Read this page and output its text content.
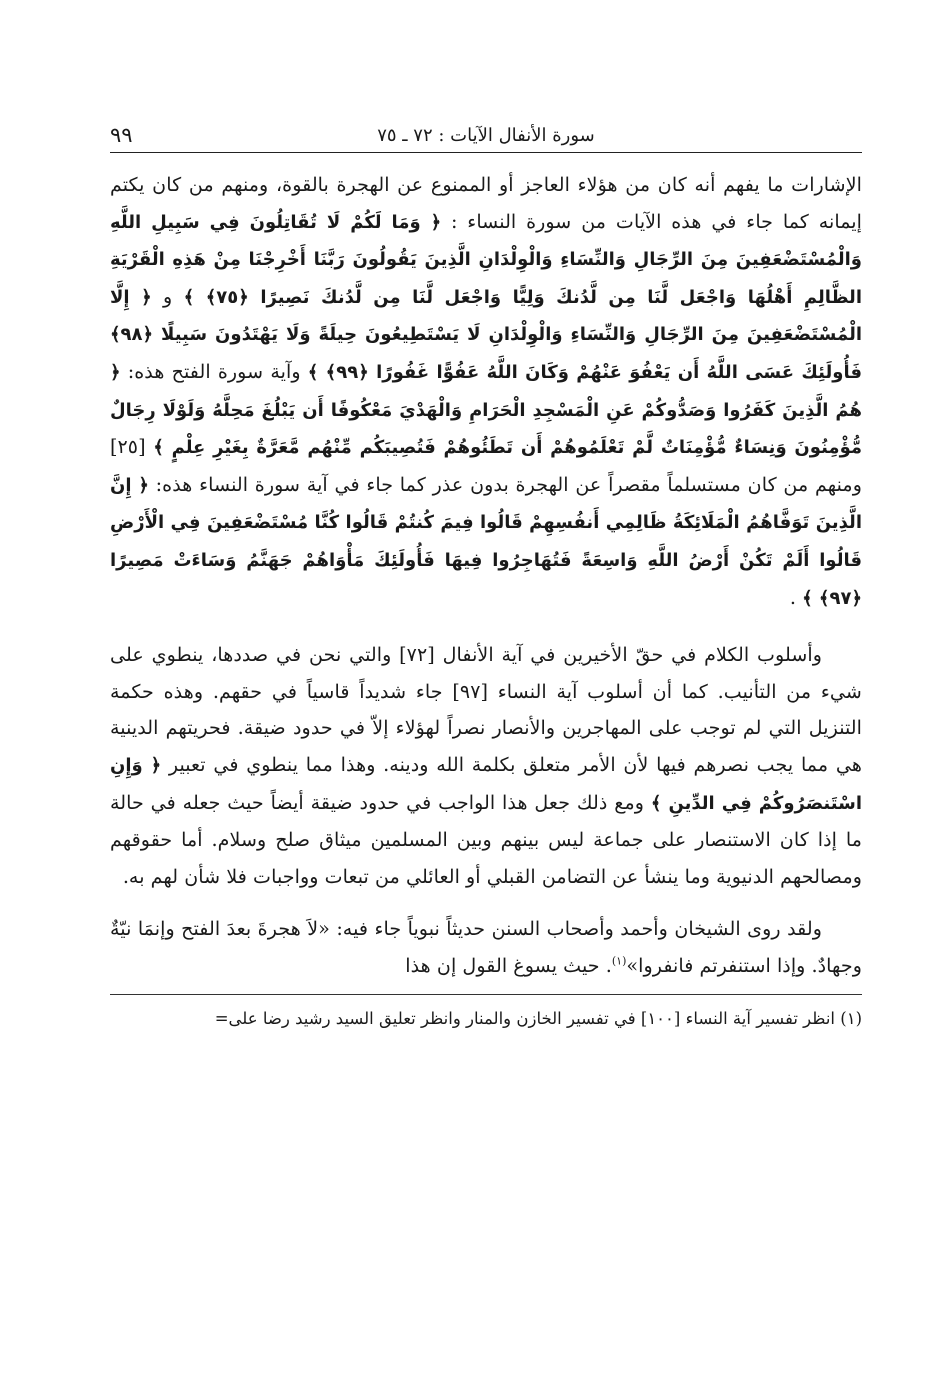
سورة الأنفال الآيات : ٧٢ ـ ٧٥
٩٩

الإشارات ما يفهم أنه كان من هؤلاء العاجز أو الممنوع عن الهجرة بالقوة، ومنهم من كان يكتم إيمانه كما جاء في هذه الآيات من سورة النساء : ﴿ وَمَا لَكُمْ لَا تُقَاتِلُونَ فِي سَبِيلِ اللَّهِ وَالْمُسْتَضْعَفِينَ مِنَ الرِّجَالِ وَالنِّسَاءِ وَالْوِلْدَانِ الَّذِينَ يَقُولُونَ رَبَّنَا أَخْرِجْنَا مِنْ هَذِهِ الْقَرْيَةِ الظَّالِمِ أَهْلُهَا وَاجْعَل لَّنَا مِن لَّدُنكَ وَلِيًّا وَاجْعَل لَّنَا مِن لَّدُنكَ نَصِيرًا ﴿٧٥﴾ ﴾ و ﴿ إِلَّا الْمُسْتَضْعَفِينَ مِنَ الرِّجَالِ وَالنِّسَاءِ وَالْوِلْدَانِ لَا يَسْتَطِيعُونَ حِيلَةً وَلَا يَهْتَدُونَ سَبِيلًا ﴿٩٨﴾ فَأُولَئِكَ عَسَى اللَّهُ أَن يَعْفُوَ عَنْهُمْ وَكَانَ اللَّهُ عَفُوًّا غَفُورًا ﴿٩٩﴾ ﴾ وآية سورة الفتح هذه: ﴿ هُمُ الَّذِينَ كَفَرُوا وَصَدُّوكُمْ عَنِ الْمَسْجِدِ الْحَرَامِ وَالْهَدْيَ مَعْكُوفًا أَن يَبْلُغَ مَحِلَّهُ وَلَوْلَا رِجَالٌ مُّؤْمِنُونَ وَنِسَاءٌ مُّؤْمِنَاتٌ لَّمْ تَعْلَمُوهُمْ أَن تَطَئُوهُمْ فَتُصِيبَكُم مِّنْهُم مَّعَرَّةٌ بِغَيْرِ عِلْمٍ ﴾ [٢٥] ومنهم من كان مستسلماً مقصراً عن الهجرة بدون عذر كما جاء في آية سورة النساء هذه: ﴿ إِنَّ الَّذِينَ تَوَفَّاهُمُ الْمَلَائِكَةُ ظَالِمِي أَنفُسِهِمْ قَالُوا فِيمَ كُنتُمْ قَالُوا كُنَّا مُسْتَضْعَفِينَ فِي الْأَرْضِ قَالُوا أَلَمْ تَكُنْ أَرْضُ اللَّهِ وَاسِعَةً فَتُهَاجِرُوا فِيهَا فَأُولَئِكَ مَأْوَاهُمْ جَهَنَّمُ وَسَاءَتْ مَصِيرًا ﴿٩٧﴾ ﴾ .

وأسلوب الكلام في حقّ الأخيرين في آية الأنفال [٧٢] والتي نحن في صددها، ينطوي على شيء من التأنيب. كما أن أسلوب آية النساء [٩٧] جاء شديداً قاسياً في حقهم. وهذه حكمة التنزيل التي لم توجب على المهاجرين والأنصار نصراً لهؤلاء إلاّ في حدود ضيقة. فحريتهم الدينية هي مما يجب نصرهم فيها لأن الأمر متعلق بكلمة الله ودينه. وهذا مما ينطوي في تعبير ﴿ وَإِنِ اسْتَنصَرُوكُمْ فِي الدِّينِ ﴾ ومع ذلك جعل هذا الواجب في حدود ضيقة أيضاً حيث جعله في حالة ما إذا كان الاستنصار على جماعة ليس بينهم وبين المسلمين ميثاق صلح وسلام. أما حقوقهم ومصالحهم الدنيوية وما ينشأ عن التضامن القبلي أو العائلي من تبعات وواجبات فلا شأن لهم به.

ولقد روى الشيخان وأحمد وأصحاب السنن حديثاً نبوياً جاء فيه: «لاَ هجرةَ بعدَ الفتح وإنمَا نيّةٌ وجهادٌ. وإذا استنفرتم فانفروا»$^{(١)}$. حيث يسوغ القول إن هذا

(١) انظر تفسير آية النساء [١٠٠] في تفسير الخازن والمنار وانظر تعليق السيد رشيد رضا على=
